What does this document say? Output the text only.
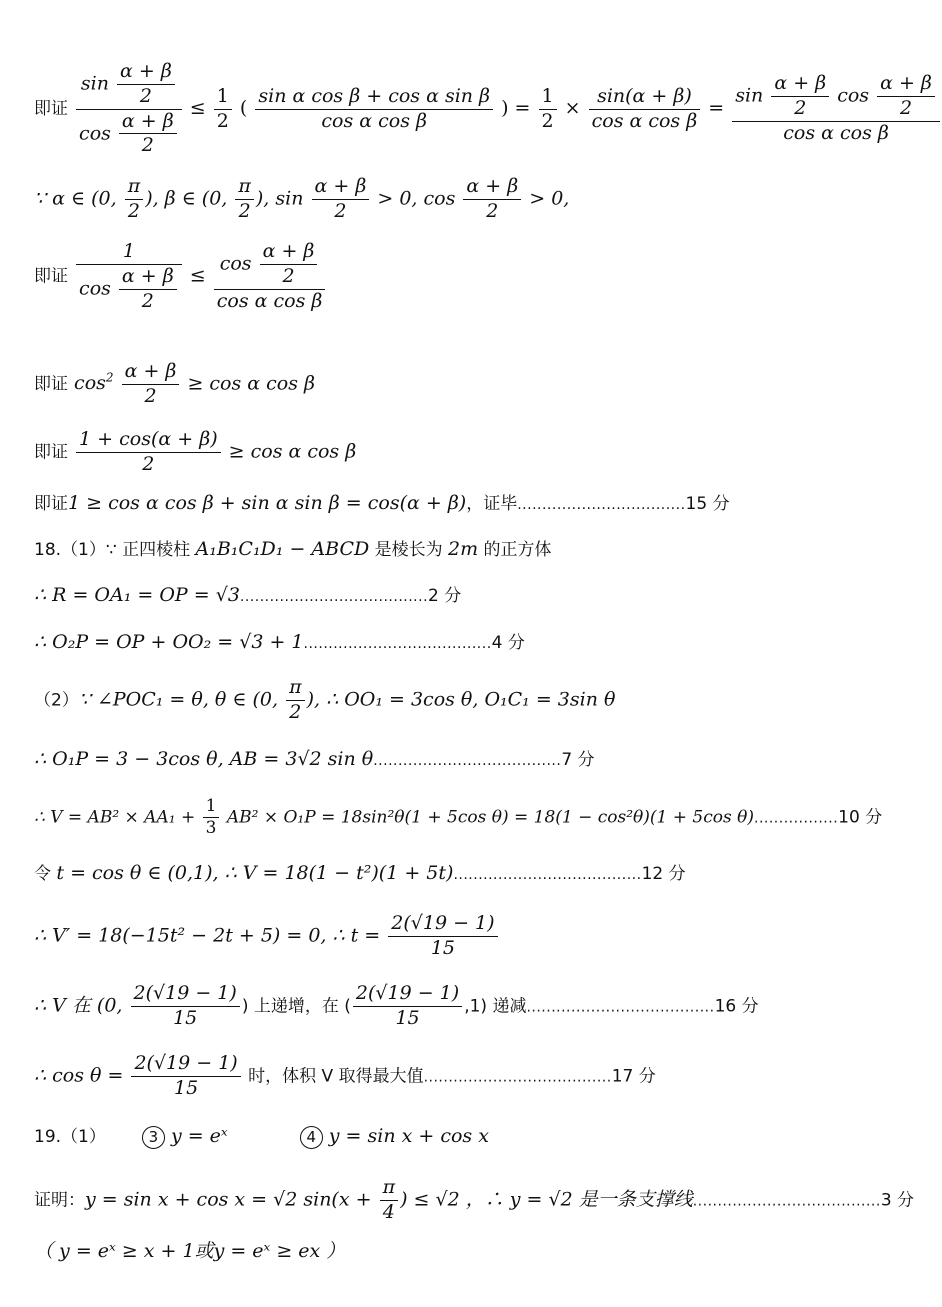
即证 $\frac{\sin \frac{\alpha + \beta}{2}}{\cos \frac{\alpha + \beta}{2}} \le \frac{1}{2}$ ( $\frac{\text{sin α cos β + cos α sin β}}{\text{cos α cos β}}$ ) = $\frac{1}{2} \times \frac{\sin(\alpha + \beta)}{\text{cos α cos β}} = \frac{\sin \frac{\alpha + \beta}{2} \cos \frac{\alpha + \beta}{2}}{\text{cos α cos β}}$
∵ α ∈ (0, $\frac{\pi}{2}$ ), β ∈ (0, $\frac{\pi}{2}$ ), $\sin \frac{\alpha + \beta}{2} > 0$, $\cos \frac{\alpha + \beta}{2} > 0$,
即证 $\frac{1}{\cos \frac{\alpha + \beta}{2}} \le \frac{\cos \frac{\alpha + \beta}{2}}{\text{cos α cos β}}$
即证 $\cos^2 \frac{\alpha + \beta}{2} \ge \cos \alpha$ cos β
即证 $\frac{1 + \cos(\alpha + \beta)}{2} \ge \cos \alpha$ cos β
即证1 ≥ cos α cos β + sin α sin β = cos(α + β)，证毕..................................15 分
18.（1）∵ 正四棱柱 A₁B₁C₁D₁ − ABCD 是棱长为 2m 的正方体
∴ R = OA₁ = OP = √3......................................2 分
∴ O₂P = OP + OO₂ = √3 + 1......................................4 分
（2）∵ ∠POC₁ = θ, θ ∈ (0, $\frac{\pi}{2}$ ), ∴ OO₁ = 3cos θ, O₁C₁ = 3sin θ
∴ O₁P = 3 − 3cos θ, AB = 3√2 sin θ......................................7 分
∴ $V = AB^2 \times AA_1 + \frac{1}{3} AB^2 \times O_1P = 18\sin^2\theta(1 + 5\cos$ θ) = 18(1 − cos²θ)(1 + 5cos θ).................10 分
令 t = cos θ ∈ (0,1), ∴ V = 18(1 − t²)(1 + 5t)......................................12 分
∴ V′ = 18(−15t² − 2t + 5) = 0, ∴ $t = \frac{2(√19 - 1)}{15}$
∴ V 在 (0, $\frac{2(√19 - 1)}{15}$ ) 上递增，在 ( $\frac{2(√19 - 1)}{15} ,1$) 递减......................................16 分
∴ $\cos \theta = \frac{2(√19 - 1)}{15}$ 时，体积 V 取得最大值......................................17 分
19.（1）	3 y = eˣ	4 y = sin x + cos x
证明：y = sin x + cos x = √2 $\sin(x + \frac{\pi}{4}$ ) ≤ √2 ，∴ y = √2 是一条支撑线......................................3 分
（ y = eˣ ≥ x + 1或y = eˣ ≥ ex ）
